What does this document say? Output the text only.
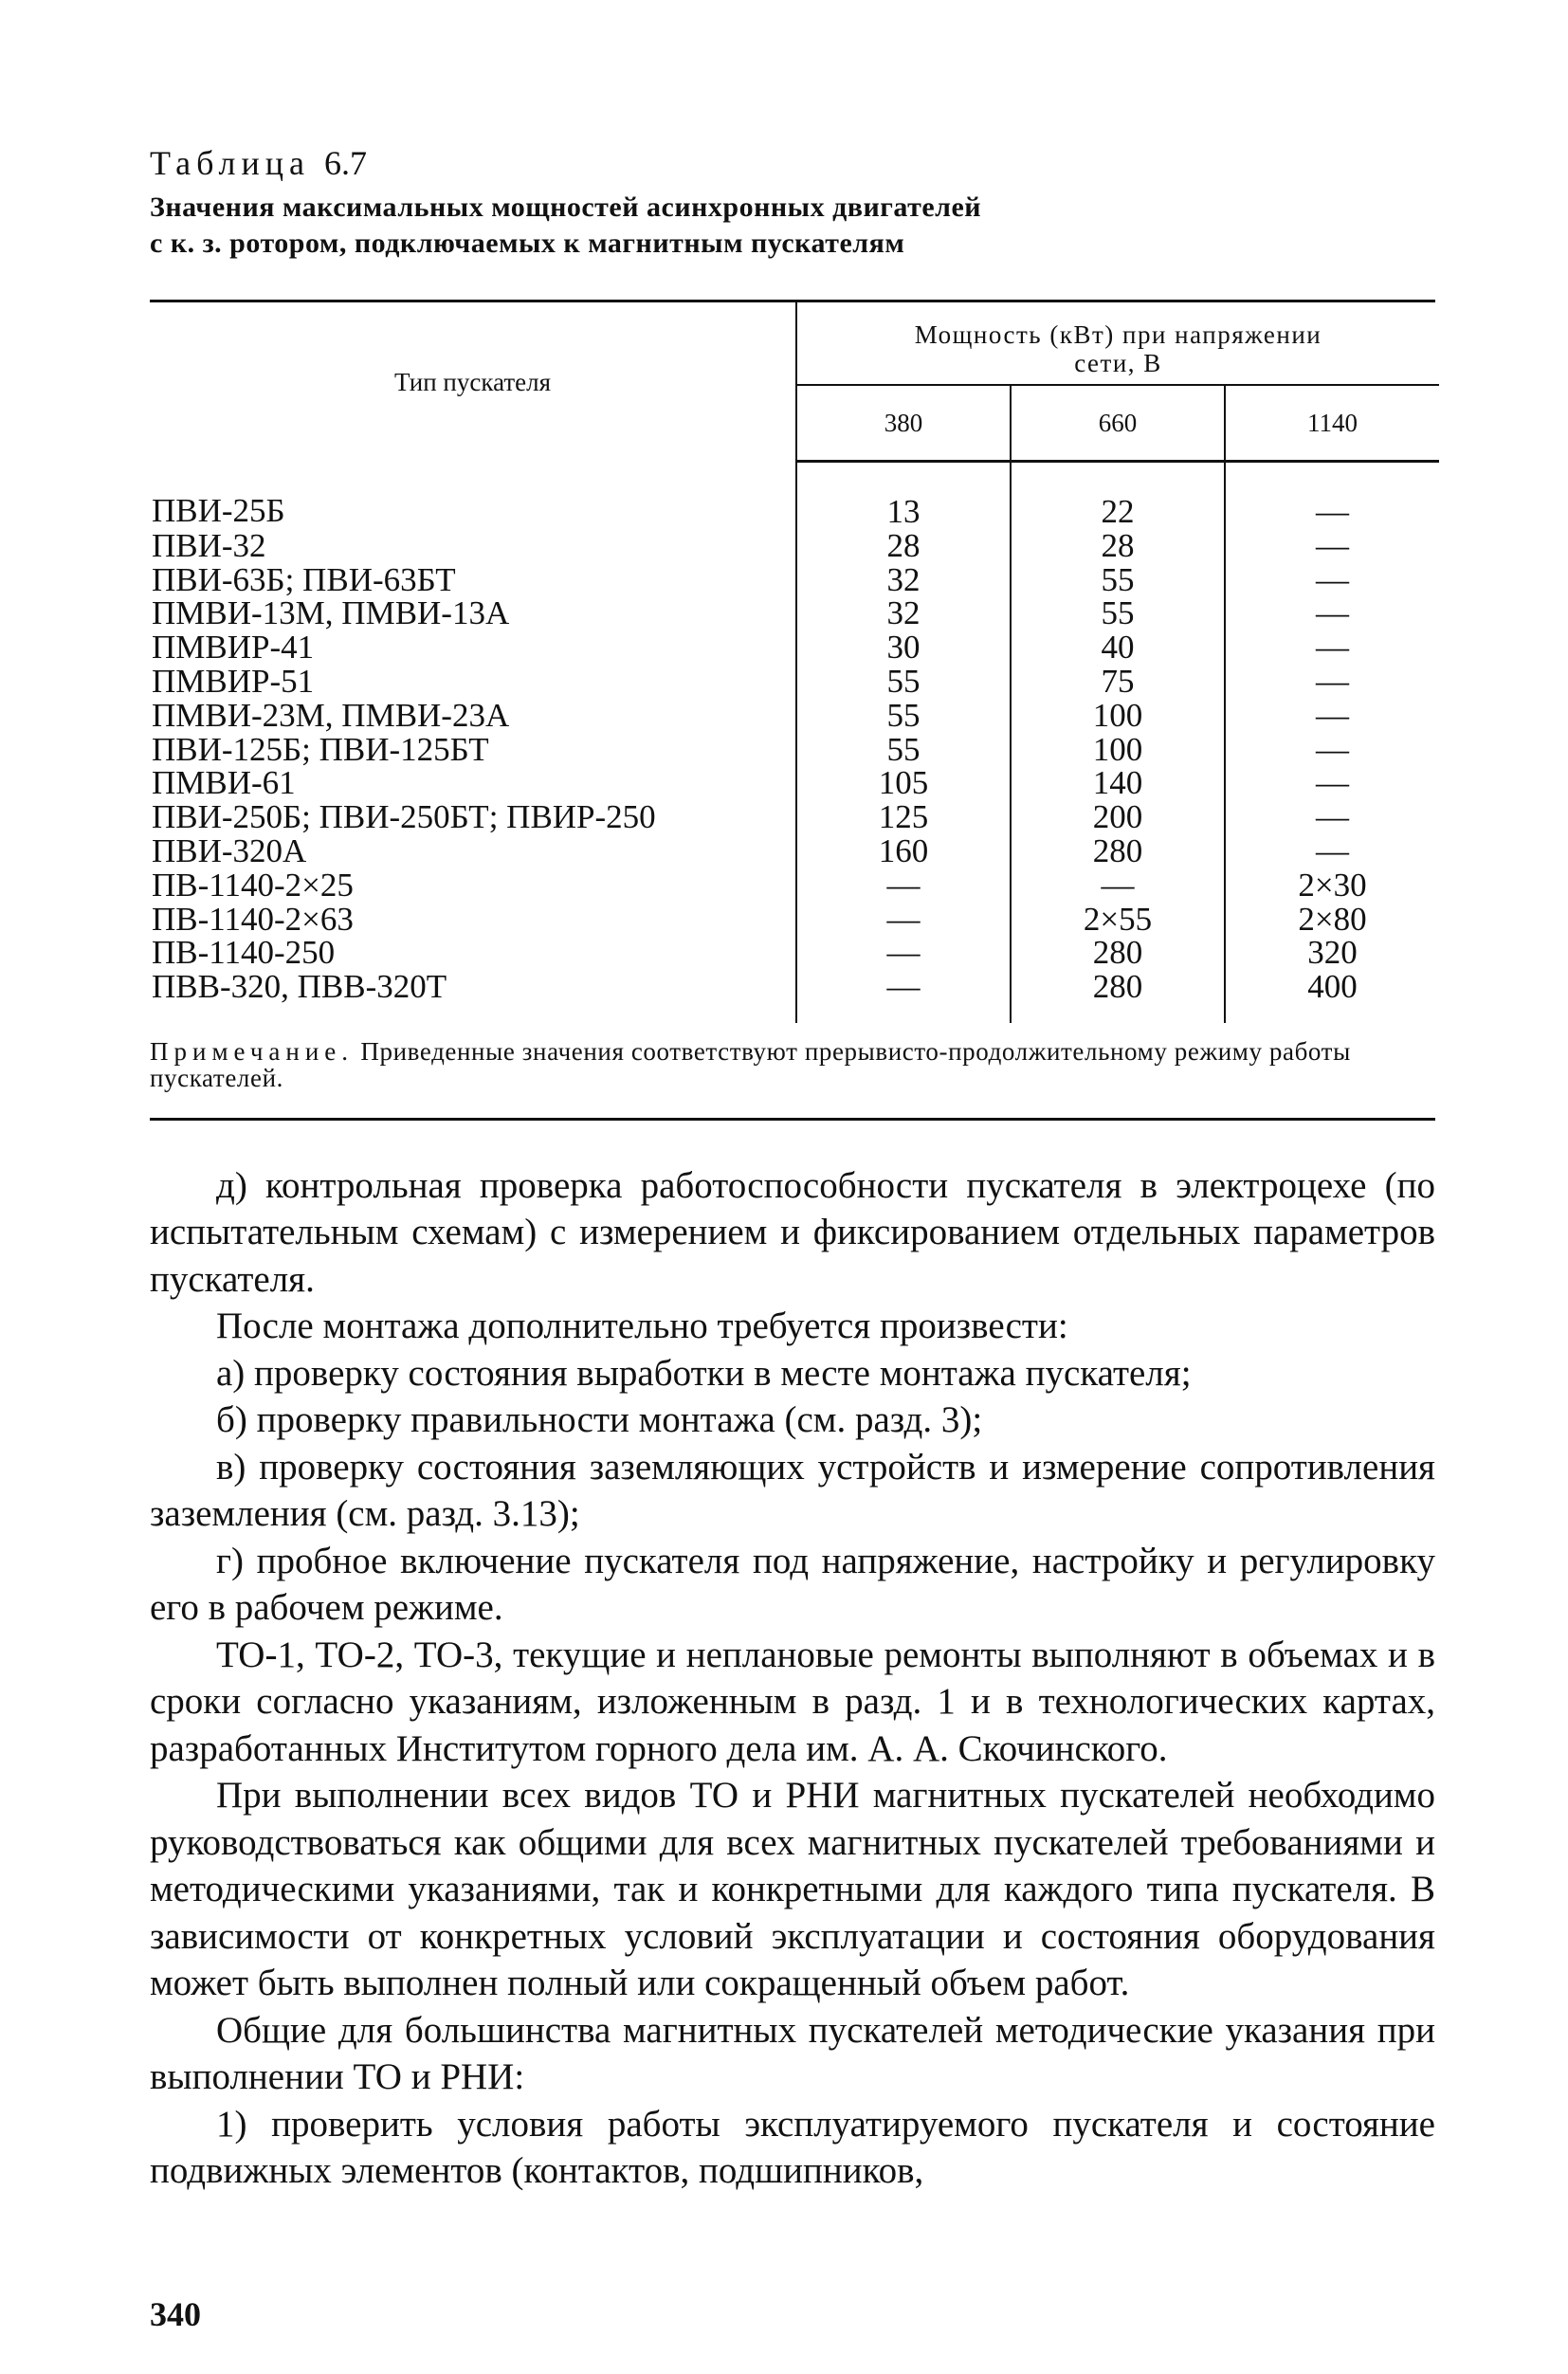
Таблица 6.7

Значения максимальных мощностей асинхронных двигателей
с к. з. ротором, подключаемых к магнитным пускателям

Тип пускателя	Мощность (кВт) при напряжении
сети, В		
	380	660	1140
ПВИ-25Б	13	22	—
ПВИ-32	28	28	—
ПВИ-63Б; ПВИ-63БТ	32	55	—
ПМВИ-13М, ПМВИ-13А	32	55	—
ПМВИР-41	30	40	—
ПМВИР-51	55	75	—
ПМВИ-23М, ПМВИ-23А	55	100	—
ПВИ-125Б; ПВИ-125БТ	55	100	—
ПМВИ-61	105	140	—
ПВИ-250Б; ПВИ-250БТ; ПВИР-250	125	200	—
ПВИ-320А	160	280	—
ПВ-1140-2×25	—	—	2×30
ПВ-1140-2×63	—	2×55	2×80
ПВ-1140-250	—	280	320
ПВВ-320, ПВВ-320Т	—	280	400
Примечание. Приведенные значения соответствуют прерывисто-продолжительному режиму работы пускателей.

д) контрольная проверка работоспособности пускателя в электроцехе (по испытательным схемам) с измерением и фиксированием отдельных параметров пускателя.

После монтажа дополнительно требуется произвести:

а) проверку состояния выработки в месте монтажа пускателя;

б) проверку правильности монтажа (см. разд. 3);

в) проверку состояния заземляющих устройств и измерение сопротивления заземления (см. разд. 3.13);

г) пробное включение пускателя под напряжение, настройку и регулировку его в рабочем режиме.

ТО-1, ТО-2, ТО-3, текущие и неплановые ремонты выполняют в объемах и в сроки согласно указаниям, изложенным в разд. 1 и в технологических картах, разработанных Институтом горного дела им. А. А. Скочинского.

При выполнении всех видов ТО и РНИ магнитных пускателей необходимо руководствоваться как общими для всех магнитных пускателей требованиями и методическими указаниями, так и конкретными для каждого типа пускателя. В зависимости от конкретных условий эксплуатации и состояния оборудования может быть выполнен полный или сокращенный объем работ.

Общие для большинства магнитных пускателей методические указания при выполнении ТО и РНИ:

1) проверить условия работы эксплуатируемого пускателя и состояние подвижных элементов (контактов, подшипников,

340
